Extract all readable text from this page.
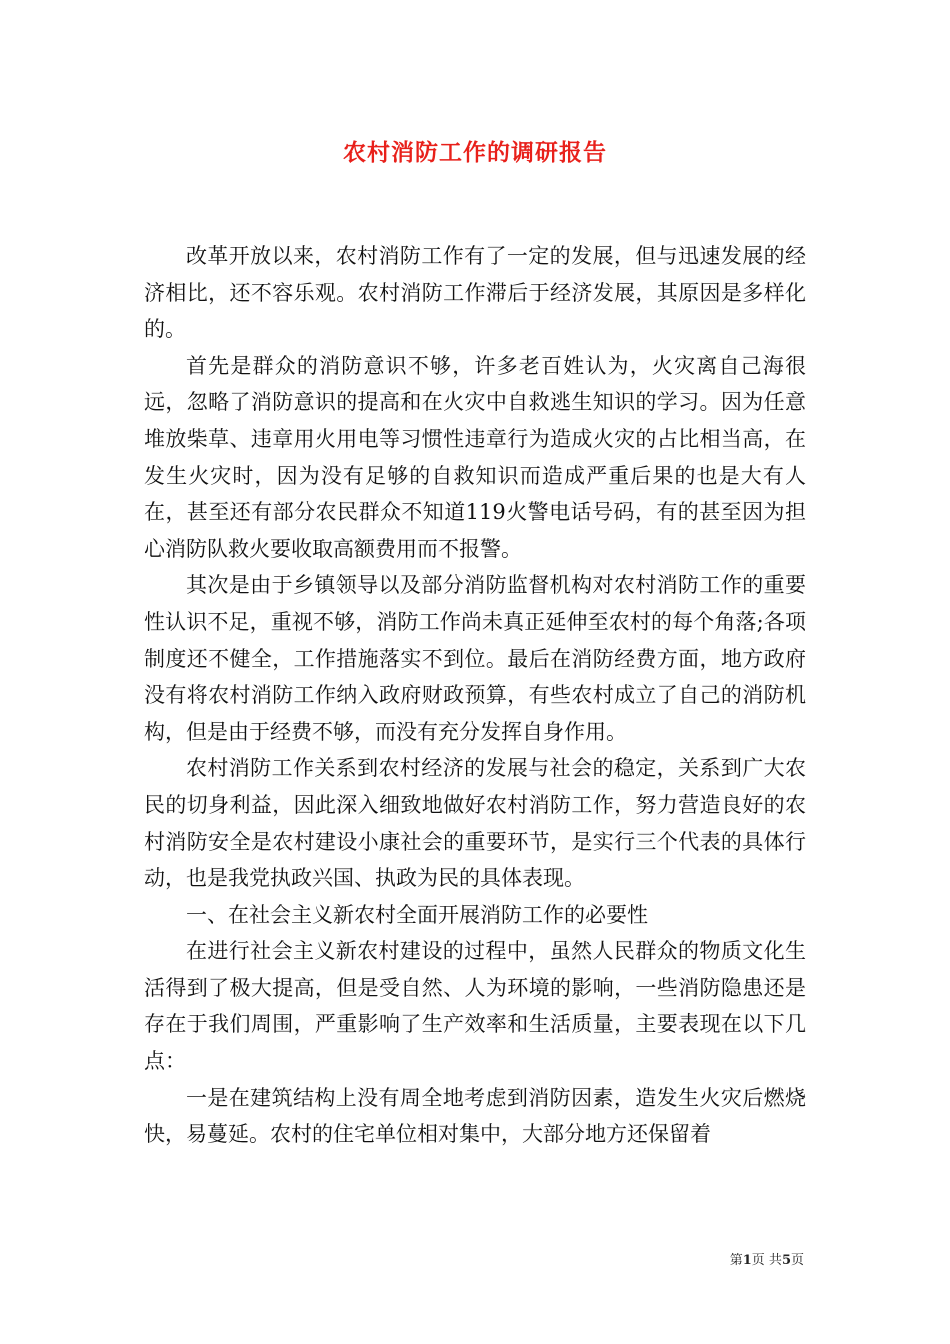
农村消防工作的调研报告

改革开放以来，农村消防工作有了一定的发展，但与迅速发展的经济相比，还不容乐观。农村消防工作滞后于经济发展，其原因是多样化的。

首先是群众的消防意识不够，许多老百姓认为，火灾离自己海很远，忽略了消防意识的提高和在火灾中自救逃生知识的学习。因为任意堆放柴草、违章用火用电等习惯性违章行为造成火灾的占比相当高，在发生火灾时，因为没有足够的自救知识而造成严重后果的也是大有人在，甚至还有部分农民群众不知道119火警电话号码，有的甚至因为担心消防队救火要收取高额费用而不报警。

其次是由于乡镇领导以及部分消防监督机构对农村消防工作的重要性认识不足，重视不够，消防工作尚未真正延伸至农村的每个角落;各项制度还不健全，工作措施落实不到位。最后在消防经费方面，地方政府没有将农村消防工作纳入政府财政预算，有些农村成立了自己的消防机构，但是由于经费不够，而没有充分发挥自身作用。

农村消防工作关系到农村经济的发展与社会的稳定，关系到广大农民的切身利益，因此深入细致地做好农村消防工作，努力营造良好的农村消防安全是农村建设小康社会的重要环节，是实行三个代表的具体行动，也是我党执政兴国、执政为民的具体表现。

一、在社会主义新农村全面开展消防工作的必要性

在进行社会主义新农村建设的过程中，虽然人民群众的物质文化生活得到了极大提高，但是受自然、人为环境的影响，一些消防隐患还是存在于我们周围，严重影响了生产效率和生活质量，主要表现在以下几点：

一是在建筑结构上没有周全地考虑到消防因素，造发生火灾后燃烧快，易蔓延。农村的住宅单位相对集中，大部分地方还保留着

第1页 共5页
